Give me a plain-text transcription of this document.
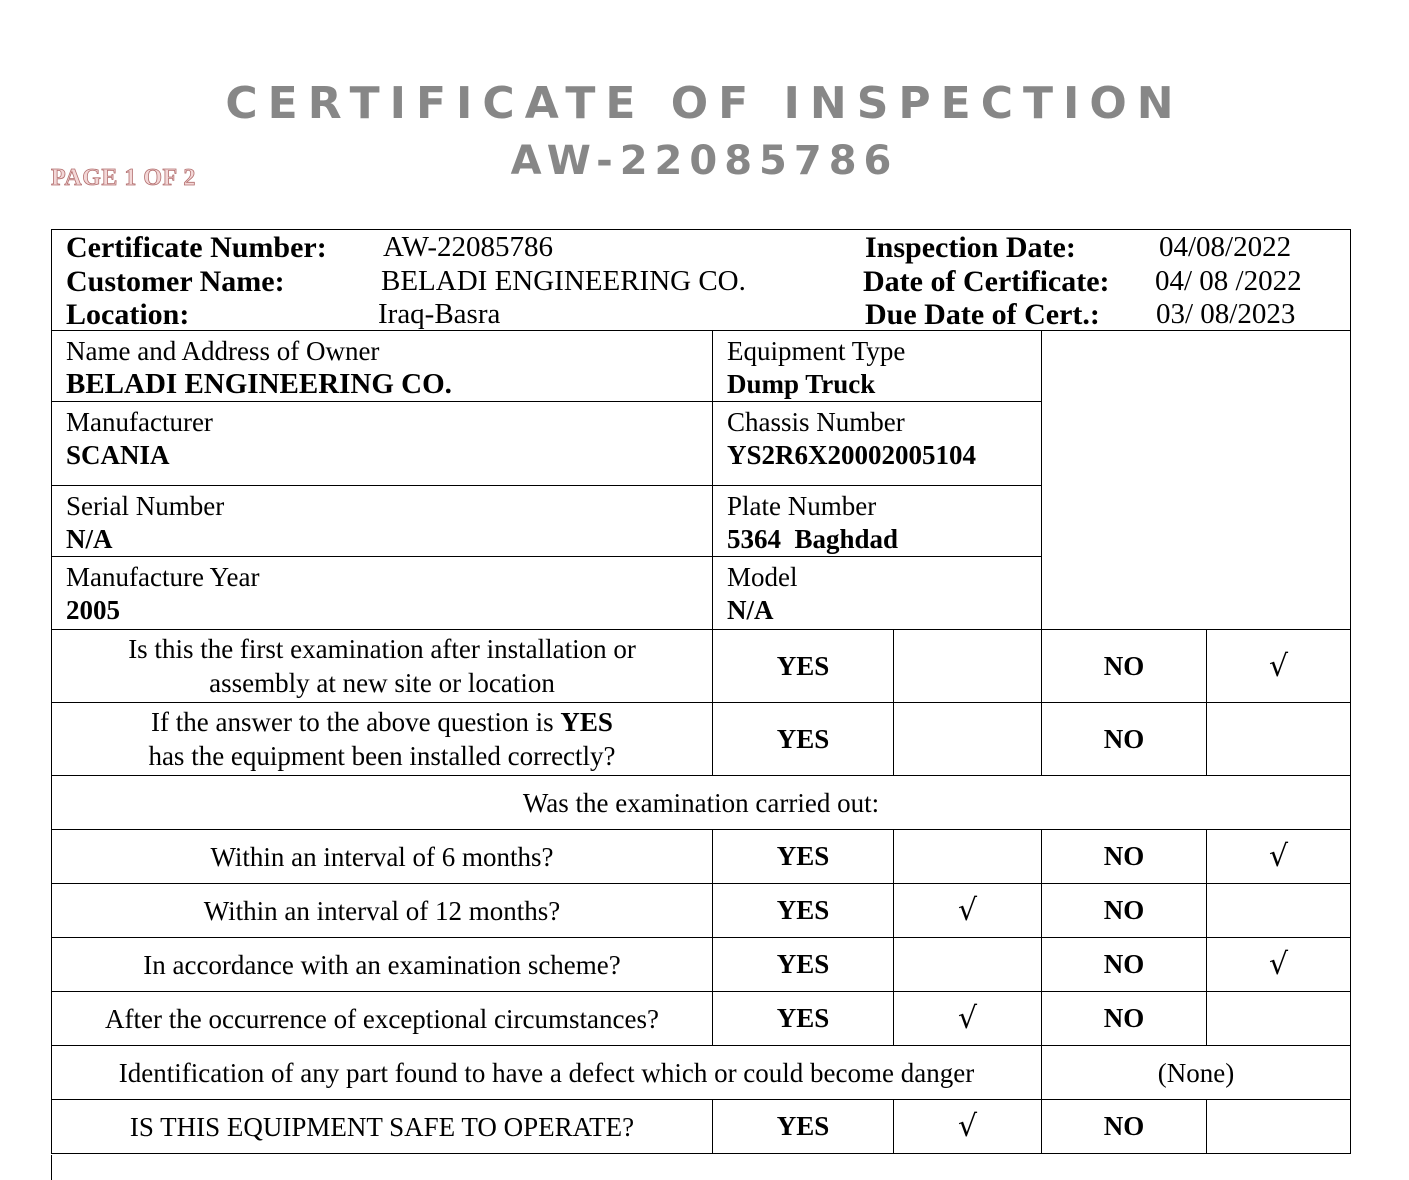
CERTIFICATE OF INSPECTION
AW-22085786
PAGE 1 OF 2
Certificate Number: AW-22085786
Customer Name:	BELADI ENGINEERING CO.
Location:	Iraq-Basra
Inspection Date:	04/08/2022
Date of Certificate: 04/ 08 /2022
Due Date of Cert.: 03/ 08/2023
Name and Address of Owner
BELADI ENGINEERING CO.
Equipment Type
Dump Truck
Manufacturer
SCANIA
Chassis Number
YS2R6X20002005104
Serial Number
N/A
Plate Number
5364  Baghdad
Manufacture Year
2005
Model
N/A
Is this the first examination after installation or
assembly at new site or location
YES	NO	√
If the answer to the above question is YES
has the equipment been installed correctly?
YES	NO
Was the examination carried out:
Within an interval of 6 months?	YES	NO	√
Within an interval of 12 months?	YES	√	NO
In accordance with an examination scheme?	YES	NO	√
After the occurrence of exceptional circumstances?	YES	√	NO
Identification of any part found to have a defect which or could become danger	(None)
IS THIS EQUIPMENT SAFE TO OPERATE?	YES	√	NO
